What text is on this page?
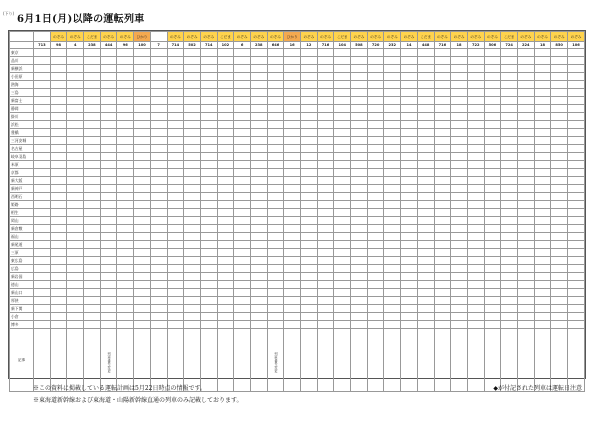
(下り)
6月1日(月)以降の運転列車
		のぞみ	のぞみ	こだま	のぞみ	のぞみ	ひかり		のぞみ	のぞみ	のぞみ	こだま	のぞみ	のぞみ	のぞみ	ひかり	のぞみ	のぞみ	こだま	のぞみ	のぞみ	のぞみ	のぞみ	こだま	のぞみ	のぞみ	のぞみ	のぞみ	こだま	のぞみ	のぞみ	のぞみ	のぞみ
	713	98	4	238	444	96	100	7	714	502	714	102	6	238	646	16	12	716	104	508	720	232	14	448	716	18	722	506	724	224	18	850	106
東京																																	
品川																																	
新横浜																																	
小田原																																	
熱海																																	
三島																																	
新富士																																	
静岡																																	
掛川																																	
浜松																																	
豊橋																																	
三河安城																																	
名古屋																																	
岐阜羽島																																	
米原																																	
京都																																	
新大阪																																	
新神戸																																	
西明石																																	
姫路																																	
相生																																	
岡山																																	
新倉敷																																	
福山																																	
新尾道																																	
三原																																	
東広島																																	
広島																																	
新岩国																																	
徳山																																	
新山口																																	
厚狭																																	
新下関																																	
小倉																																	
博多																																	
記事					列車番号変更										列車番号変更																		

※この資料に掲載している運転計画は5月22日時点の情報です。
※東海道新幹線および東海道・山陽新幹線直通の列車のみ記載しております。
◆が付記された列車は運転日注意
